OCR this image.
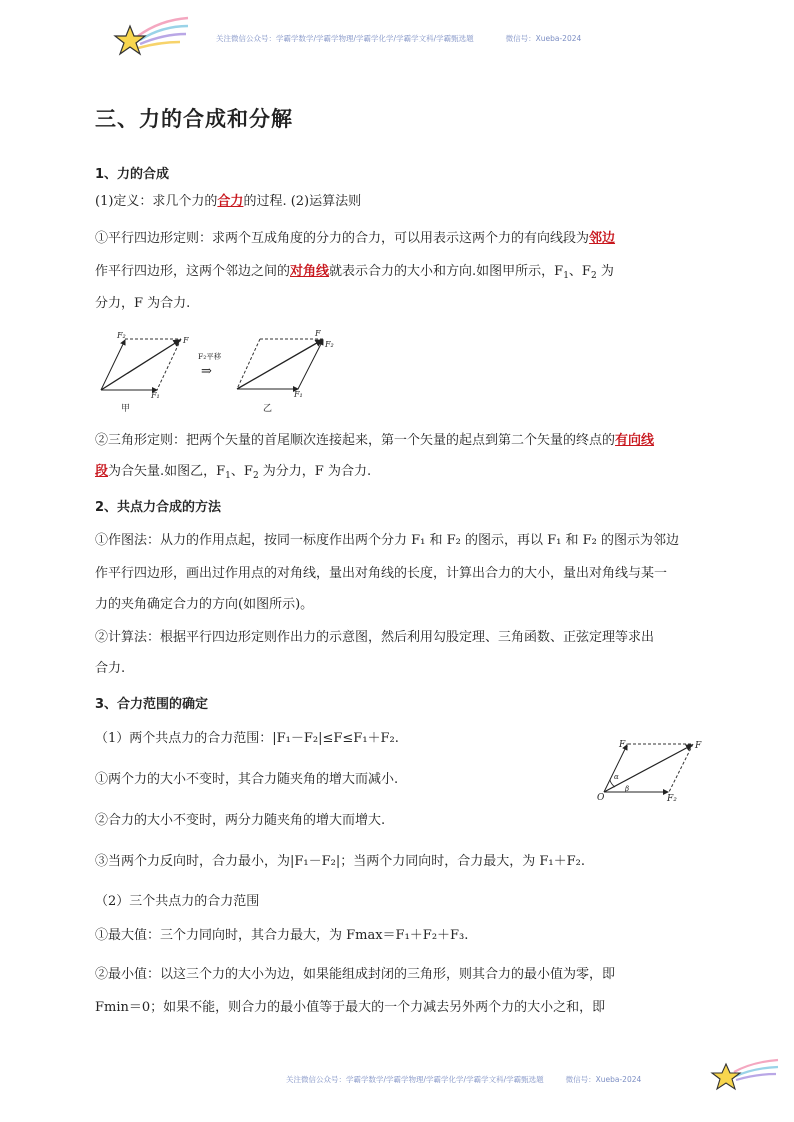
关注微信公众号：学霸学数学/学霸学物理/学霸学化学/学霸学文科/学霸甄选题	微信号：Xueba-2024
三、力的合成和分解
1、力的合成
(1)定义：求几个力的合力的过程. (2)运算法则
①平行四边形定则：求两个互成角度的分力的合力，可以用表示这两个力的有向线段为邻边
作平行四边形，这两个邻边之间的对角线就表示合力的大小和方向.如图甲所示，$F_1$、$F_2$ 为
分力，F 为合力.
F₂
F
F₁
甲
F₂平移
⇒
F
F₂
F₁
乙
②三角形定则：把两个矢量的首尾顺次连接起来，第一个矢量的起点到第二个矢量的终点的有向线
段为合矢量.如图乙，$F_1$、$F_2$ 为分力，F 为合力.
2、共点力合成的方法
①作图法：从力的作用点起，按同一标度作出两个分力 F₁ 和 F₂ 的图示，再以 F₁ 和 F₂ 的图示为邻边
作平行四边形，画出过作用点的对角线，量出对角线的长度，计算出合力的大小，量出对角线与某一
力的夹角确定合力的方向(如图所示)。
②计算法：根据平行四边形定则作出力的示意图，然后利用勾股定理、三角函数、正弦定理等求出
合力.
3、合力范围的确定
（1）两个共点力的合力范围：|F₁－F₂|≤F≤F₁＋F₂.
①两个力的大小不变时，其合力随夹角的增大而减小.
②合力的大小不变时，两分力随夹角的增大而增大.
③当两个力反向时，合力最小，为|F₁－F₂|；当两个力同向时，合力最大，为 F₁＋F₂.
（2）三个共点力的合力范围
①最大值：三个力同向时，其合力最大，为 Fmax＝F₁＋F₂＋F₃.
②最小值：以这三个力的大小为边，如果能组成封闭的三角形，则其合力的最小值为零，即
Fmin＝0；如果不能，则合力的最小值等于最大的一个力减去另外两个力的大小之和，即
O
F₁	F
F₂
α
β
关注微信公众号：学霸学数学/学霸学物理/学霸学化学/学霸学文科/学霸甄选题	微信号：Xueba-2024
